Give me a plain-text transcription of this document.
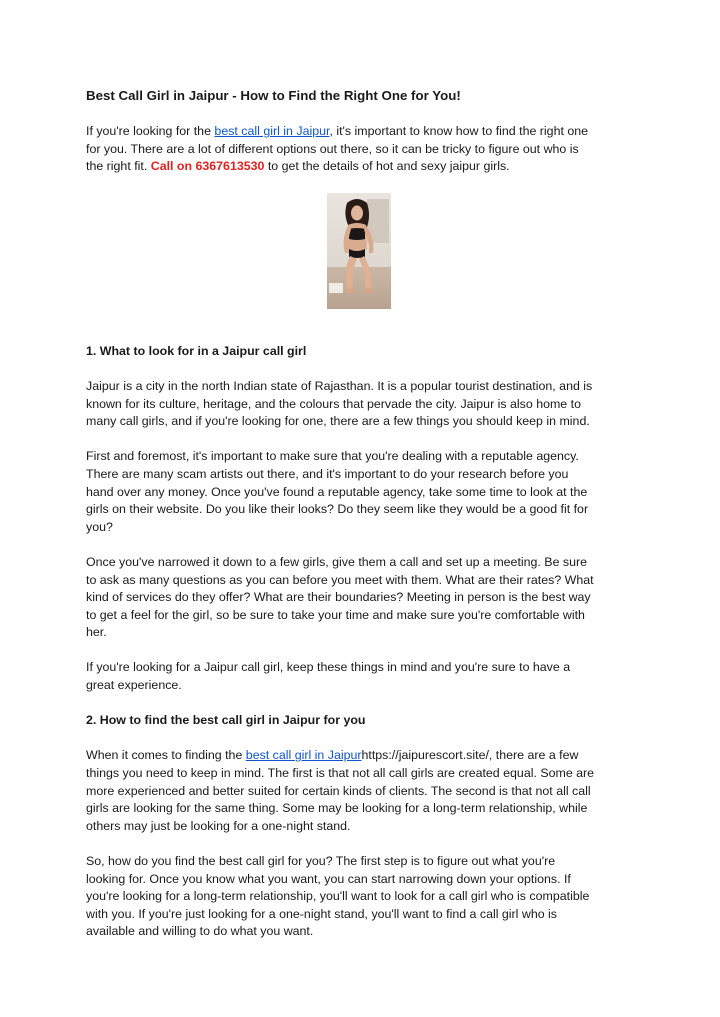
Best Call Girl in Jaipur - How to Find the Right One for You!

If you're looking for the best call girl in Jaipur, it's important to know how to find the right one
for you. There are a lot of different options out there, so it can be tricky to figure out who is
the right fit. Call on 6367613530 to get the details of hot and sexy jaipur girls.

1. What to look for in a Jaipur call girl

Jaipur is a city in the north Indian state of Rajasthan. It is a popular tourist destination, and is
known for its culture, heritage, and the colours that pervade the city. Jaipur is also home to
many call girls, and if you're looking for one, there are a few things you should keep in mind.

First and foremost, it's important to make sure that you're dealing with a reputable agency.
There are many scam artists out there, and it's important to do your research before you
hand over any money. Once you've found a reputable agency, take some time to look at the
girls on their website. Do you like their looks? Do they seem like they would be a good fit for
you?

Once you've narrowed it down to a few girls, give them a call and set up a meeting. Be sure
to ask as many questions as you can before you meet with them. What are their rates? What
kind of services do they offer? What are their boundaries? Meeting in person is the best way
to get a feel for the girl, so be sure to take your time and make sure you're comfortable with
her.

If you're looking for a Jaipur call girl, keep these things in mind and you're sure to have a
great experience.

2. How to find the best call girl in Jaipur for you

When it comes to finding the best call girl in Jaipurhttps://jaipurescort.site/, there are a few
things you need to keep in mind. The first is that not all call girls are created equal. Some are
more experienced and better suited for certain kinds of clients. The second is that not all call
girls are looking for the same thing. Some may be looking for a long-term relationship, while
others may just be looking for a one-night stand.

So, how do you find the best call girl for you? The first step is to figure out what you're
looking for. Once you know what you want, you can start narrowing down your options. If
you're looking for a long-term relationship, you'll want to look for a call girl who is compatible
with you. If you're just looking for a one-night stand, you'll want to find a call girl who is
available and willing to do what you want.
